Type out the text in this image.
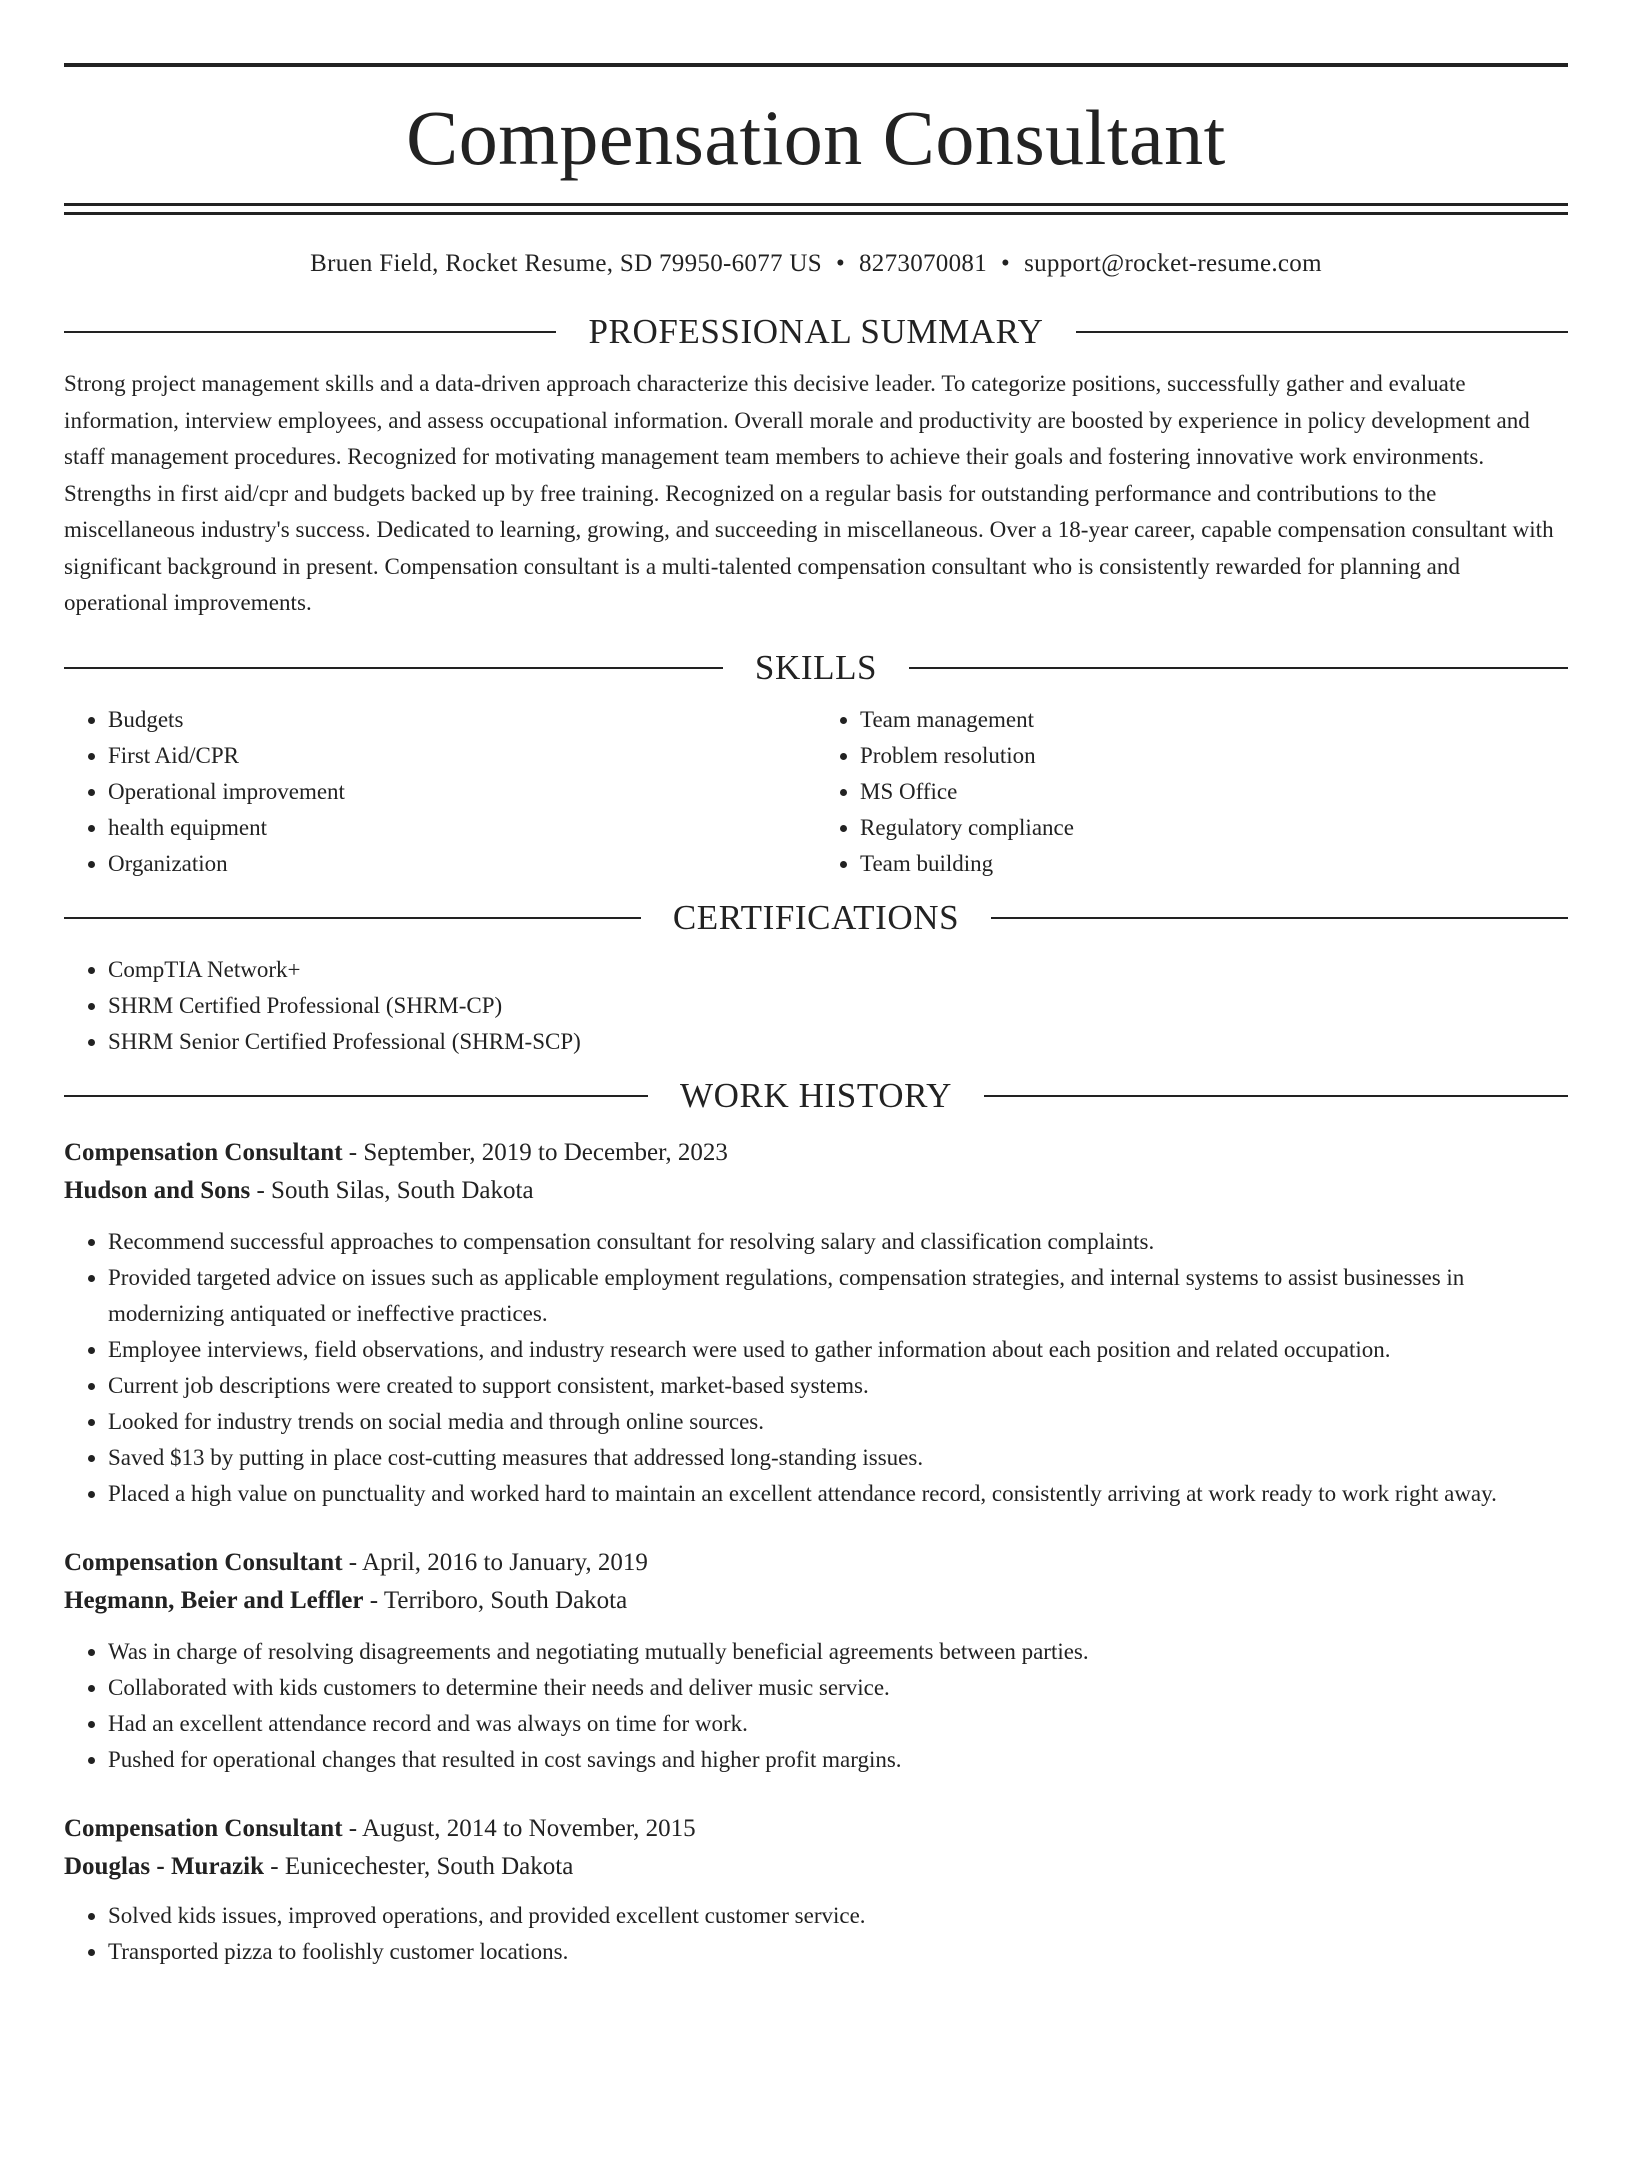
Compensation Consultant
Bruen Field, Rocket Resume, SD 79950-6077 US • 8273070081 • support@rocket-resume.com
PROFESSIONAL SUMMARY

Strong project management skills and a data-driven approach characterize this decisive leader. To categorize positions, successfully gather and evaluate information, interview employees, and assess occupational information. Overall morale and productivity are boosted by experience in policy development and staff management procedures. Recognized for motivating management team members to achieve their goals and fostering innovative work environments. Strengths in first aid/cpr and budgets backed up by free training. Recognized on a regular basis for outstanding performance and contributions to the miscellaneous industry's success. Dedicated to learning, growing, and succeeding in miscellaneous. Over a 18-year career, capable compensation consultant with significant background in present. Compensation consultant is a multi-talented compensation consultant who is consistently rewarded for planning and operational improvements.

SKILLS
• Budgets
• First Aid/CPR
• Operational improvement
• health equipment
• Organization
• Team management
• Problem resolution
• MS Office
• Regulatory compliance
• Team building
CERTIFICATIONS
• CompTIA Network+
• SHRM Certified Professional (SHRM-CP)
• SHRM Senior Certified Professional (SHRM-SCP)
WORK HISTORY
Compensation Consultant - September, 2019 to December, 2023
Hudson and Sons - South Silas, South Dakota
• Recommend successful approaches to compensation consultant for resolving salary and classification complaints.
• Provided targeted advice on issues such as applicable employment regulations, compensation strategies, and internal systems to assist businesses in modernizing antiquated or ineffective practices.
• Employee interviews, field observations, and industry research were used to gather information about each position and related occupation.
• Current job descriptions were created to support consistent, market-based systems.
• Looked for industry trends on social media and through online sources.
• Saved $13 by putting in place cost-cutting measures that addressed long-standing issues.
• Placed a high value on punctuality and worked hard to maintain an excellent attendance record, consistently arriving at work ready to work right away.
Compensation Consultant - April, 2016 to January, 2019
Hegmann, Beier and Leffler - Terriboro, South Dakota
• Was in charge of resolving disagreements and negotiating mutually beneficial agreements between parties.
• Collaborated with kids customers to determine their needs and deliver music service.
• Had an excellent attendance record and was always on time for work.
• Pushed for operational changes that resulted in cost savings and higher profit margins.
Compensation Consultant - August, 2014 to November, 2015
Douglas - Murazik - Eunicechester, South Dakota
• Solved kids issues, improved operations, and provided excellent customer service.
• Transported pizza to foolishly customer locations.
